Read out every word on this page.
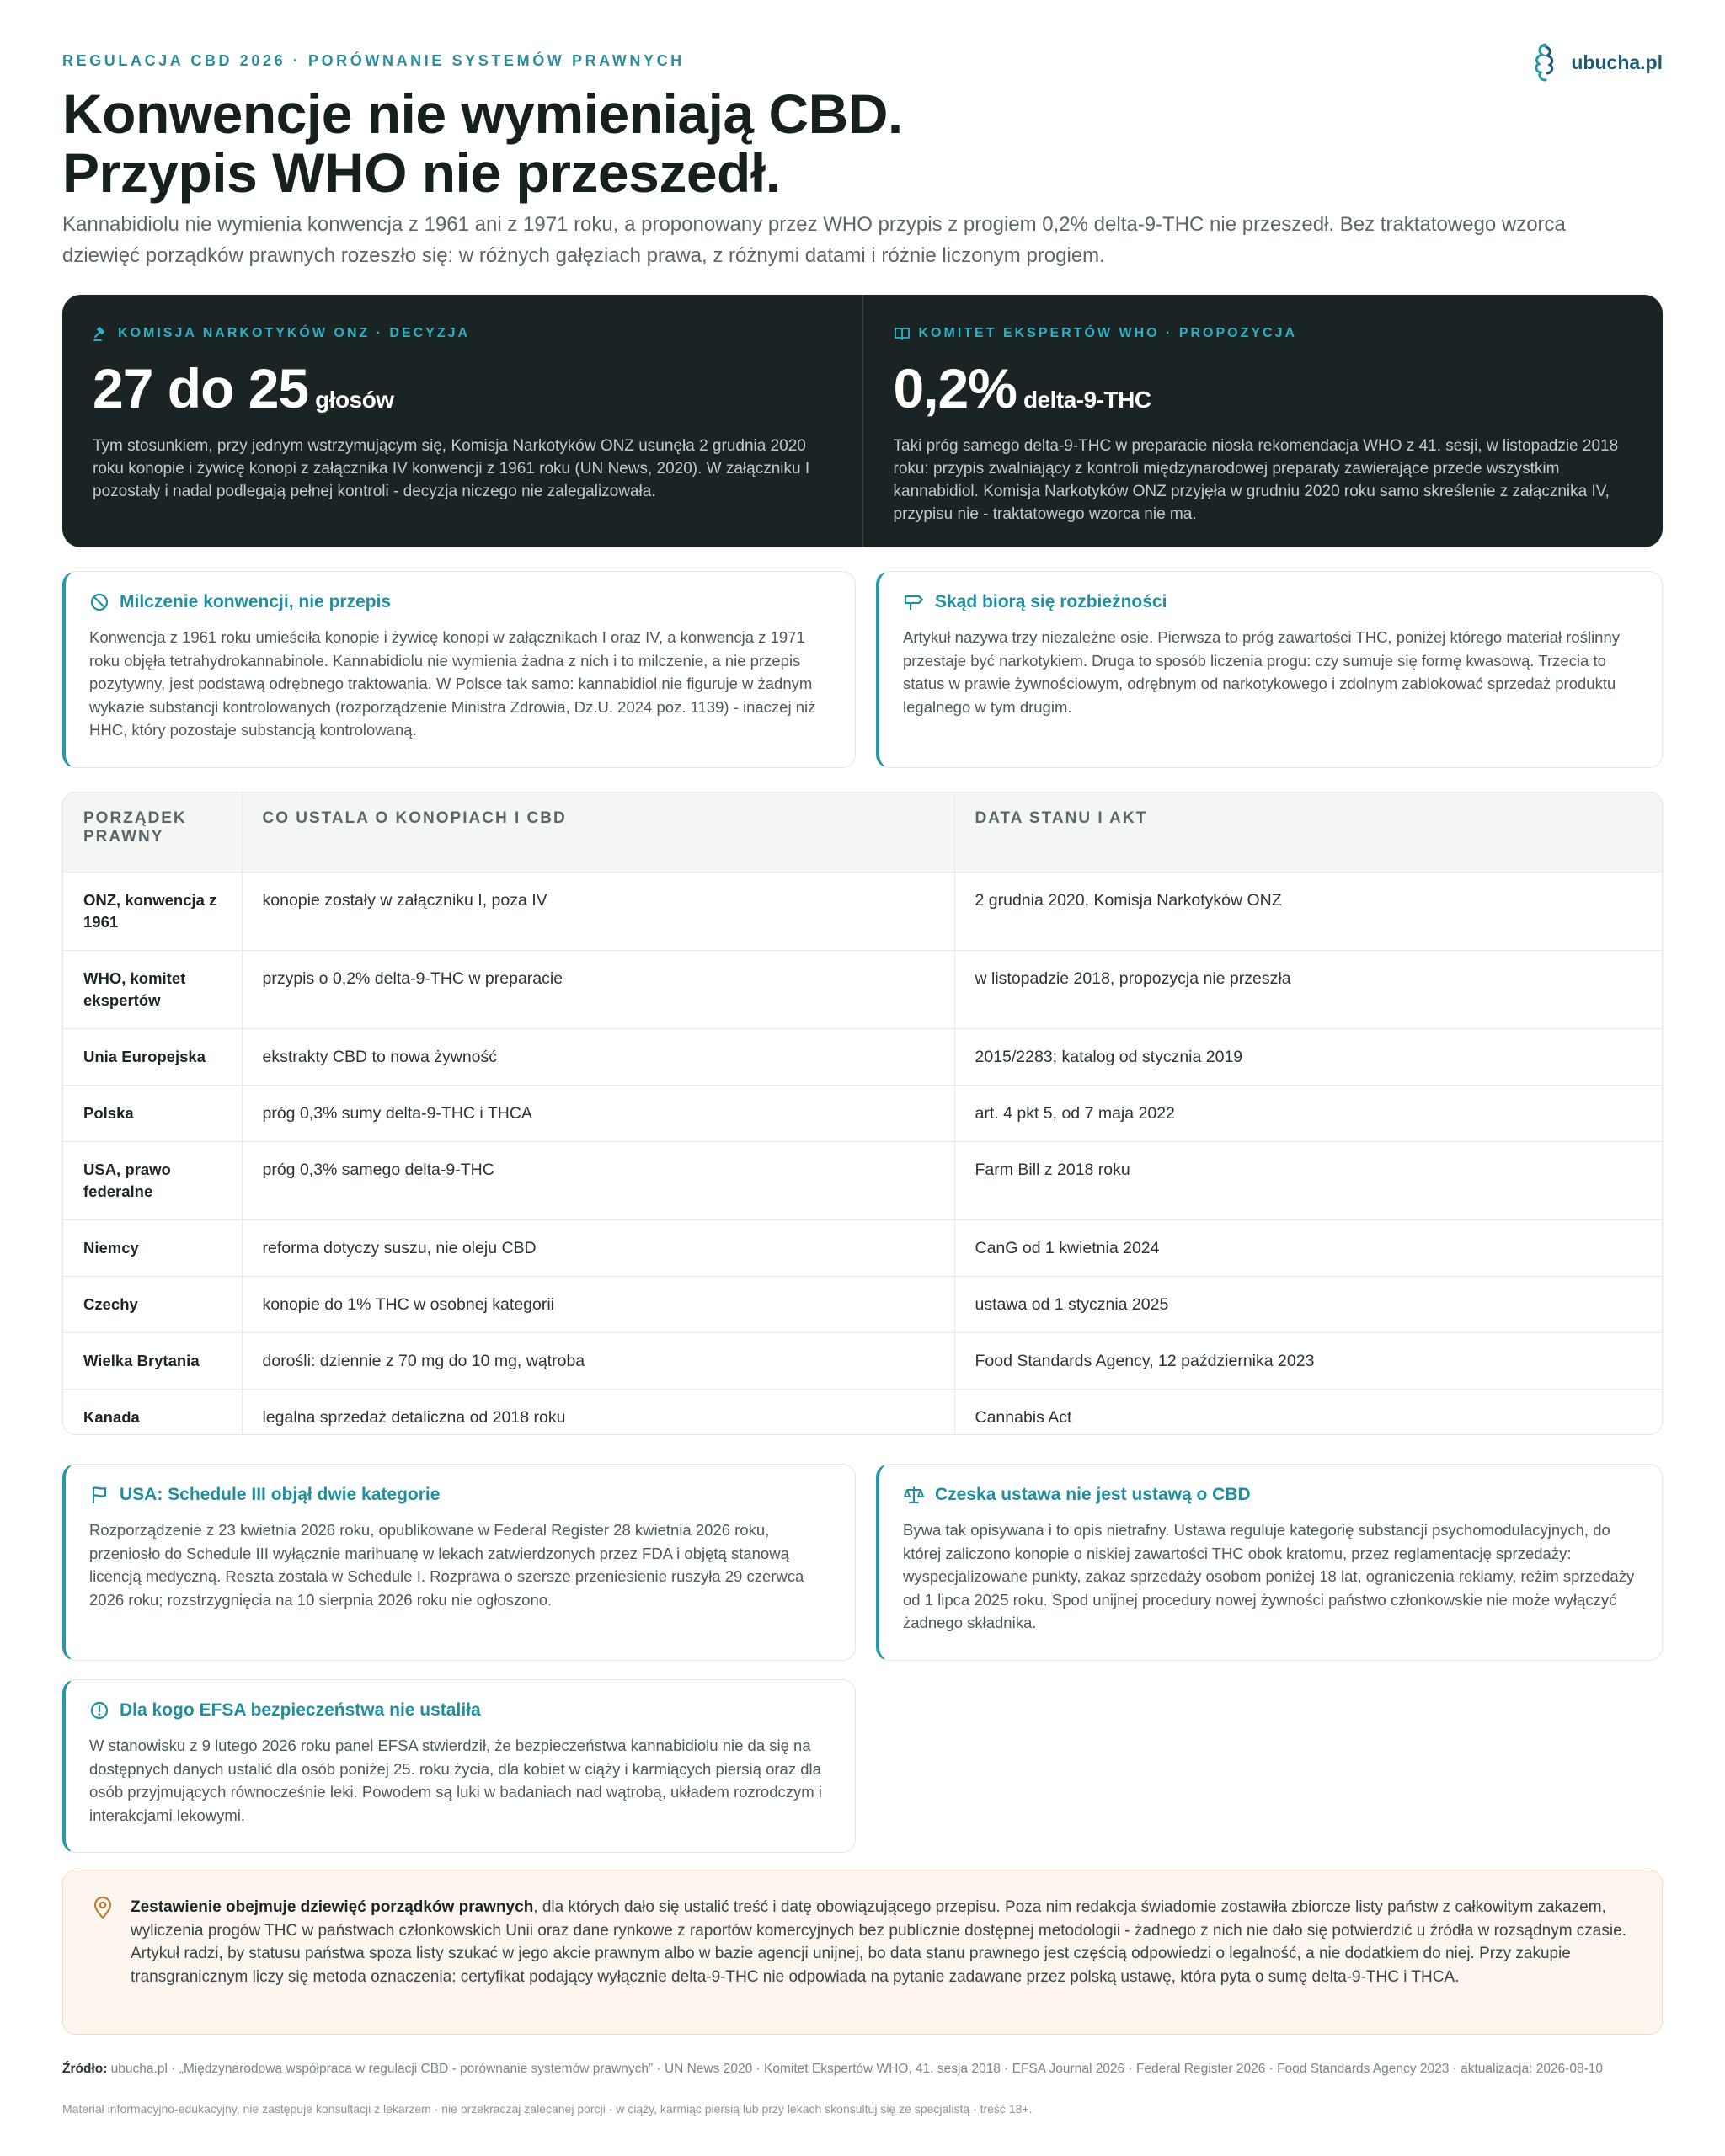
REGULACJA CBD 2026 · PORÓWNANIE SYSTEMÓW PRAWNYCH	ubucha.pl
Konwencje nie wymieniają CBD.
Przypis WHO nie przeszedł.

Kannabidiolu nie wymienia konwencja z 1961 ani z 1971 roku, a proponowany przez WHO przypis z progiem 0,2% delta-9-THC nie przeszedł. Bez traktatowego wzorca dziewięć porządków prawnych rozeszło się: w różnych gałęziach prawa, z różnymi datami i różnie liczonym progiem.

KOMISJA NARKOTYKÓW ONZ · DECYZJA
27 do 25 głosów

Tym stosunkiem, przy jednym wstrzymującym się, Komisja Narkotyków ONZ usunęła 2 grudnia 2020 roku konopie i żywicę konopi z załącznika IV konwencji z 1961 roku (UN News, 2020). W załączniku I pozostały i nadal podlegają pełnej kontroli - decyzja niczego nie zalegalizowała.

KOMITET EKSPERTÓW WHO · PROPOZYCJA
0,2% delta-9-THC

Taki próg samego delta-9-THC w preparacie niosła rekomendacja WHO z 41. sesji, w listopadzie 2018 roku: przypis zwalniający z kontroli międzynarodowej preparaty zawierające przede wszystkim kannabidiol. Komisja Narkotyków ONZ przyjęła w grudniu 2020 roku samo skreślenie z załącznika IV, przypisu nie - traktatowego wzorca nie ma.

Milczenie konwencji, nie przepis

Konwencja z 1961 roku umieściła konopie i żywicę konopi w załącznikach I oraz IV, a konwencja z 1971 roku objęła tetrahydrokannabinole. Kannabidiolu nie wymienia żadna z nich i to milczenie, a nie przepis pozytywny, jest podstawą odrębnego traktowania. W Polsce tak samo: kannabidiol nie figuruje w żadnym wykazie substancji kontrolowanych (rozporządzenie Ministra Zdrowia, Dz.U. 2024 poz. 1139) - inaczej niż HHC, który pozostaje substancją kontrolowaną.

Skąd biorą się rozbieżności

Artykuł nazywa trzy niezależne osie. Pierwsza to próg zawartości THC, poniżej którego materiał roślinny przestaje być narkotykiem. Druga to sposób liczenia progu: czy sumuje się formę kwasową. Trzecia to status w prawie żywnościowym, odrębnym od narkotykowego i zdolnym zablokować sprzedaż produktu legalnego w tym drugim.

PORZĄDEK PRAWNY	CO USTALA O KONOPIACH I CBD	DATA STANU I AKT
ONZ, konwencja z 1961	konopie zostały w załączniku I, poza IV	2 grudnia 2020, Komisja Narkotyków ONZ
WHO, komitet ekspertów	przypis o 0,2% delta-9-THC w preparacie	w listopadzie 2018, propozycja nie przeszła
Unia Europejska	ekstrakty CBD to nowa żywność	2015/2283; katalog od stycznia 2019
Polska	próg 0,3% sumy delta-9-THC i THCA	art. 4 pkt 5, od 7 maja 2022
USA, prawo federalne	próg 0,3% samego delta-9-THC	Farm Bill z 2018 roku
Niemcy	reforma dotyczy suszu, nie oleju CBD	CanG od 1 kwietnia 2024
Czechy	konopie do 1% THC w osobnej kategorii	ustawa od 1 stycznia 2025
Wielka Brytania	dorośli: dziennie z 70 mg do 10 mg, wątroba	Food Standards Agency, 12 października 2023
Kanada	legalna sprzedaż detaliczna od 2018 roku	Cannabis Act
USA: Schedule III objął dwie kategorie

Rozporządzenie z 23 kwietnia 2026 roku, opublikowane w Federal Register 28 kwietnia 2026 roku, przeniosło do Schedule III wyłącznie marihuanę w lekach zatwierdzonych przez FDA i objętą stanową licencją medyczną. Reszta została w Schedule I. Rozprawa o szersze przeniesienie ruszyła 29 czerwca 2026 roku; rozstrzygnięcia na 10 sierpnia 2026 roku nie ogłoszono.

Czeska ustawa nie jest ustawą o CBD

Bywa tak opisywana i to opis nietrafny. Ustawa reguluje kategorię substancji psychomodulacyjnych, do której zaliczono konopie o niskiej zawartości THC obok kratomu, przez reglamentację sprzedaży: wyspecjalizowane punkty, zakaz sprzedaży osobom poniżej 18 lat, ograniczenia reklamy, reżim sprzedaży od 1 lipca 2025 roku. Spod unijnej procedury nowej żywności państwo członkowskie nie może wyłączyć żadnego składnika.

Dla kogo EFSA bezpieczeństwa nie ustaliła

W stanowisku z 9 lutego 2026 roku panel EFSA stwierdził, że bezpieczeństwa kannabidiolu nie da się na dostępnych danych ustalić dla osób poniżej 25. roku życia, dla kobiet w ciąży i karmiących piersią oraz dla osób przyjmujących równocześnie leki. Powodem są luki w badaniach nad wątrobą, układem rozrodczym i interakcjami lekowymi.

Zestawienie obejmuje dziewięć porządków prawnych, dla których dało się ustalić treść i datę obowiązującego przepisu. Poza nim redakcja świadomie zostawiła zbiorcze listy państw z całkowitym zakazem, wyliczenia progów THC w państwach członkowskich Unii oraz dane rynkowe z raportów komercyjnych bez publicznie dostępnej metodologii - żadnego z nich nie dało się potwierdzić u źródła w rozsądnym czasie. Artykuł radzi, by statusu państwa spoza listy szukać w jego akcie prawnym albo w bazie agencji unijnej, bo data stanu prawnego jest częścią odpowiedzi o legalność, a nie dodatkiem do niej. Przy zakupie transgranicznym liczy się metoda oznaczenia: certyfikat podający wyłącznie delta-9-THC nie odpowiada na pytanie zadawane przez polską ustawę, która pyta o sumę delta-9-THC i THCA.

Źródło: ubucha.pl · „Międzynarodowa współpraca w regulacji CBD - porównanie systemów prawnych” · UN News 2020 · Komitet Ekspertów WHO, 41. sesja 2018 · EFSA Journal 2026 · Federal Register 2026 · Food Standards Agency 2023 · aktualizacja: 2026-08-10

Materiał informacyjno-edukacyjny, nie zastępuje konsultacji z lekarzem · nie przekraczaj zalecanej porcji · w ciąży, karmiąc piersią lub przy lekach skonsultuj się ze specjalistą · treść 18+.
